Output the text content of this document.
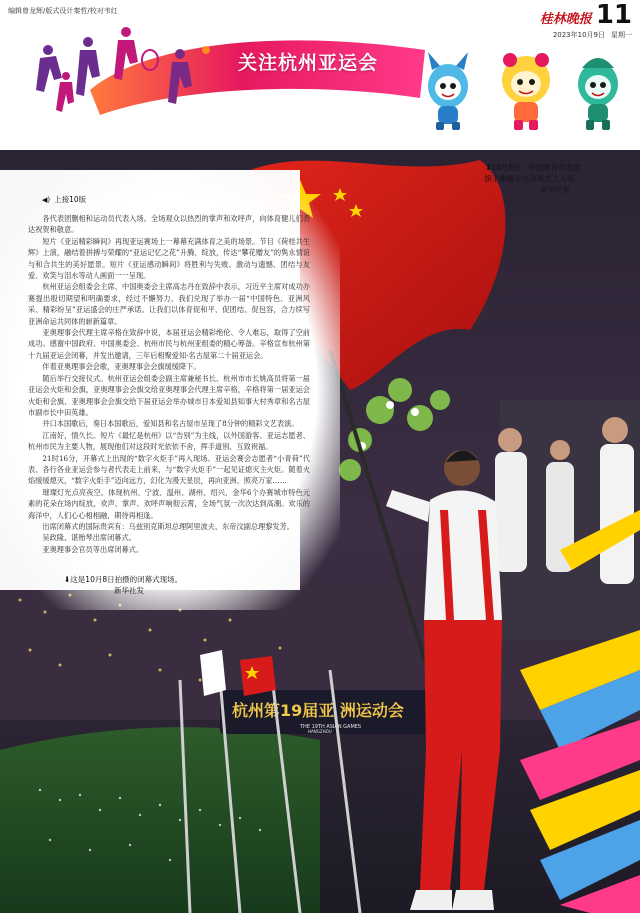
编辑曾龙辉/版式设计秦哲/校对韦红
桂林晚报 11
2023年10月9日 星期一
关注杭州亚运会
杭州第19届亚 洲运动会
THE 19TH ASIAN GAMES
HANGZHOU
◀) 上接10版

各代表团删相和运动员代表入场。全场观众以热烈的掌声和欢呼声，向体育健儿们表达祝贺和敬意。

短片《亚运精彩瞬间》再现亚运赛场上一幕幕充满体育之美的场景。节目《荷桂共生辉》上演，融结着拼搏与荣耀的“亚运记忆之花”升腾、绽放，传达“攀花赠友”的隽永情谊与和合共生的美好愿景。短片《亚运感动瞬间》将胜利与失败、激动与遗憾、团结与友爱、欢笑与泪水等动人画面一一呈现。

杭州亚运会组委会主席、中国奥委会主席高志丹在致辞中表示，习近平主席对成功办赛提出殷切期望和明确要求，经过不懈努力，我们兑现了举办一届“中国特色、亚洲风采、精彩纷呈”亚运盛会的庄严承诺。让我们以体育促和平、促团结、促包容，合力续写亚洲命运共同体的崭新篇章。

亚奥理事会代理主席辛格在致辞中说，本届亚运会精彩绝伦、令人难忘，取得了空前成功。感谢中国政府、中国奥委会、杭州市民与杭州亚组委的精心筹备。辛格宣布杭州第十九届亚运会闭幕，并发出邀请，三年后相聚爱知·名古屋第二十届亚运会。

伴着亚奥理事会会歌，亚奥理事会会旗缓缓降下。

随后举行交接仪式。杭州亚运会组委会副主席兼秘书长、杭州市市长姚高员将第一届亚运会火炬和会旗，亚奥理事会会旗交给亚奥理事会代理主席辛格，辛格将第一届亚运会火炬和会旗、亚奥理事会会旗交给下届亚运会举办城市日本爱知县知事大村秀章和名古屋市副市长中田英雄。

井口本国歌后，奏日本国歌后，爱知县和名古屋市呈现了8分钟的精彩文艺表演。

江南好，情久长。短片《最忆是杭州》以“告别”为主线，以外国游客、亚运志愿者、杭州市民为主要人物，展现他们对这段时光依依不舍，挥手道别、互致祝福。

21时16分，开幕式上出现的“数字火炬手”再入现场。亚运会赛会志愿者“小青荷”代表、各行各业亚运会参与者代表走上前来，与“数字火炬手”一起见证熄灭主火炬。随着火焰缓缓熄灭，“数字火炬手”迈向远方，幻化为漫天星辰，再向亚洲、照亮万家……

璀璨灯光点亮夜空。体现杭州、宁波、温州、湖州、绍兴、金华6个办赛城市特色元素的花朵在场内绽放，欢声、掌声、欢呼声响彻云霄，全场气氛一次次达到高潮。欢乐的海洋中，人们心心相相融，期待再相逢。

出席闭幕式的国际贵宾有：乌兹别克斯坦总理阿里波夫、东帝汶副总理黎发芳。

吴政隆、谌贻琴出席闭幕式。

亚奥理事会官员等出席闭幕式。

⬇10月8日，中国体育代表团旗手谢震业在闭幕式上入场。
新华社发
⬇这是10月8日拍摄的闭幕式现场。
新华社发
